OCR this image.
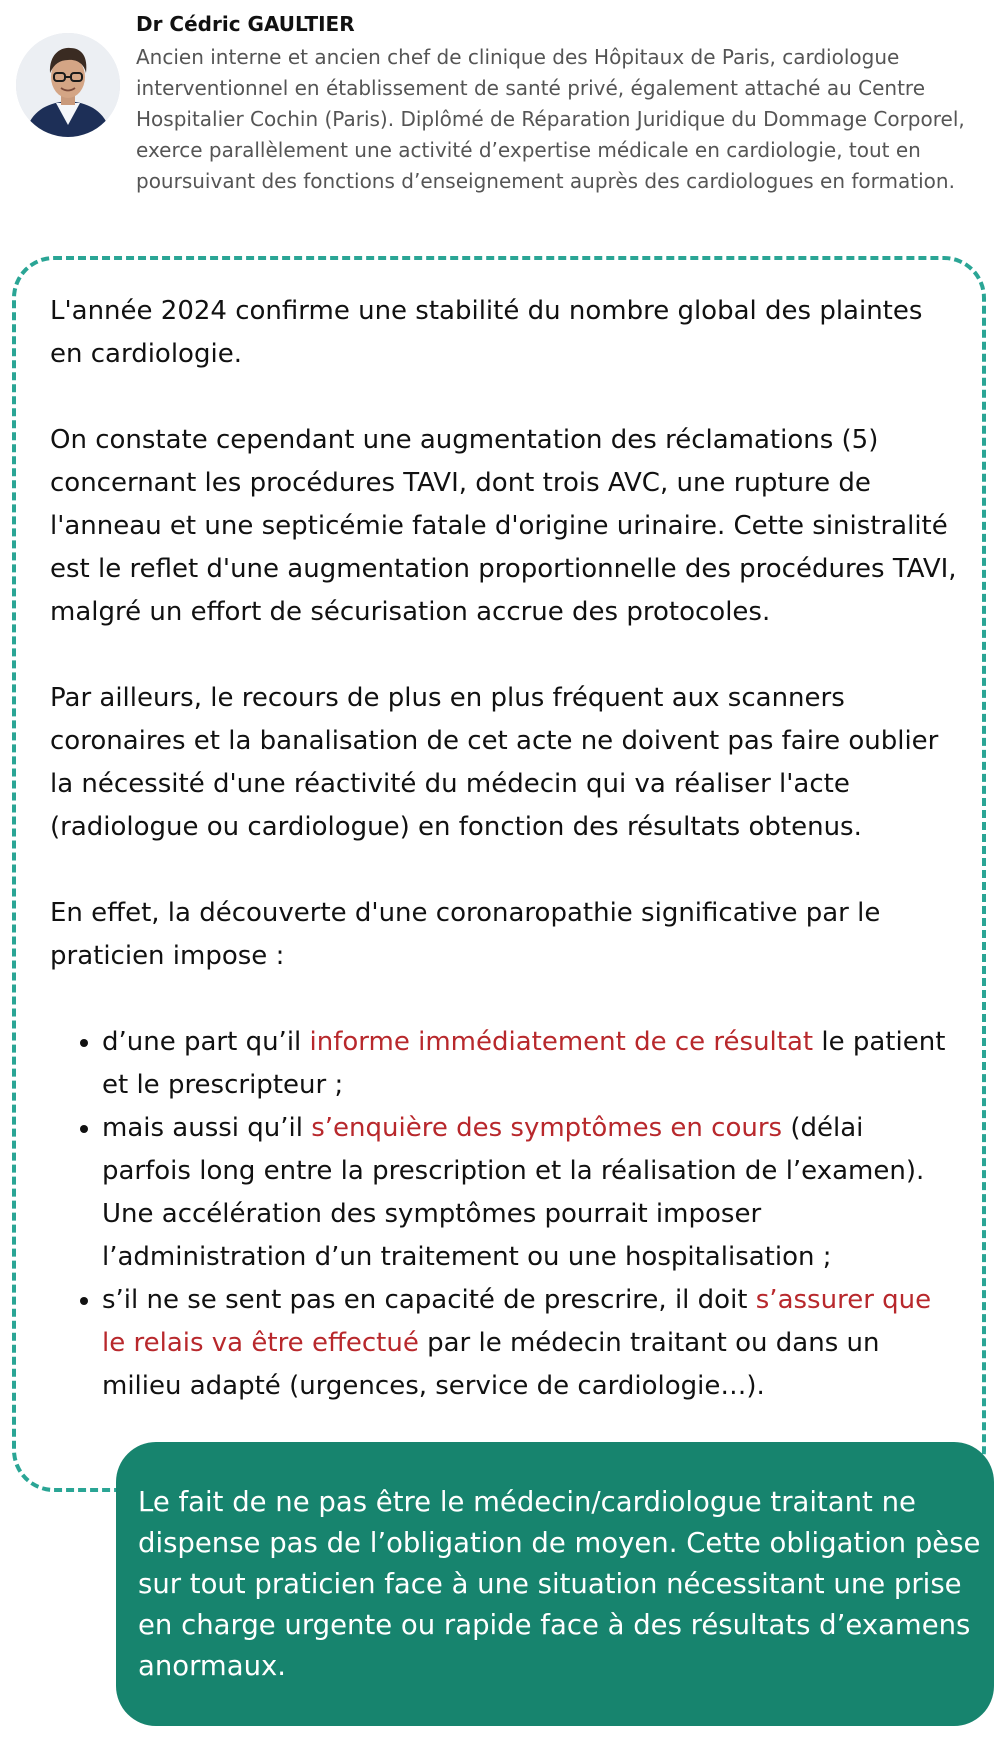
Dr Cédric GAULTIER

Ancien interne et ancien chef de clinique des Hôpitaux de Paris, cardiologue interventionnel en établissement de santé privé, également attaché au Centre Hospitalier Cochin (Paris). Diplômé de Réparation Juridique du Dommage Corporel, exerce parallèlement une activité d’expertise médicale en cardiologie, tout en poursuivant des fonctions d’enseignement auprès des cardiologues en formation.

L'année 2024 confirme une stabilité du nombre global des plaintes en cardiologie.

On constate cependant une augmentation des réclamations (5) concernant les procédures TAVI, dont trois AVC, une rupture de l'anneau et une septicémie fatale d'origine urinaire. Cette sinistralité est le reflet d'une augmentation proportionnelle des procédures TAVI, malgré un effort de sécurisation accrue des protocoles.

Par ailleurs, le recours de plus en plus fréquent aux scanners coronaires et la banalisation de cet acte ne doivent pas faire oublier la nécessité d'une réactivité du médecin qui va réaliser l'acte (radiologue ou cardiologue) en fonction des résultats obtenus.

En effet, la découverte d'une coronaropathie significative par le praticien impose :

• d’une part qu’il informe immédiatement de ce résultat le patient et le prescripteur ;
• mais aussi qu’il s’enquière des symptômes en cours (délai parfois long entre la prescription et la réalisation de l’examen). Une accélération des symptômes pourrait imposer l’administration d’un traitement ou une hospitalisation ;
• s’il ne se sent pas en capacité de prescrire, il doit s’assurer que le relais va être effectué par le médecin traitant ou dans un milieu adapté (urgences, service de cardiologie…).

Le fait de ne pas être le médecin/cardiologue traitant ne dispense pas de l’obligation de moyen. Cette obligation pèse sur tout praticien face à une situation nécessitant une prise en charge urgente ou rapide face à des résultats d’examens anormaux.
